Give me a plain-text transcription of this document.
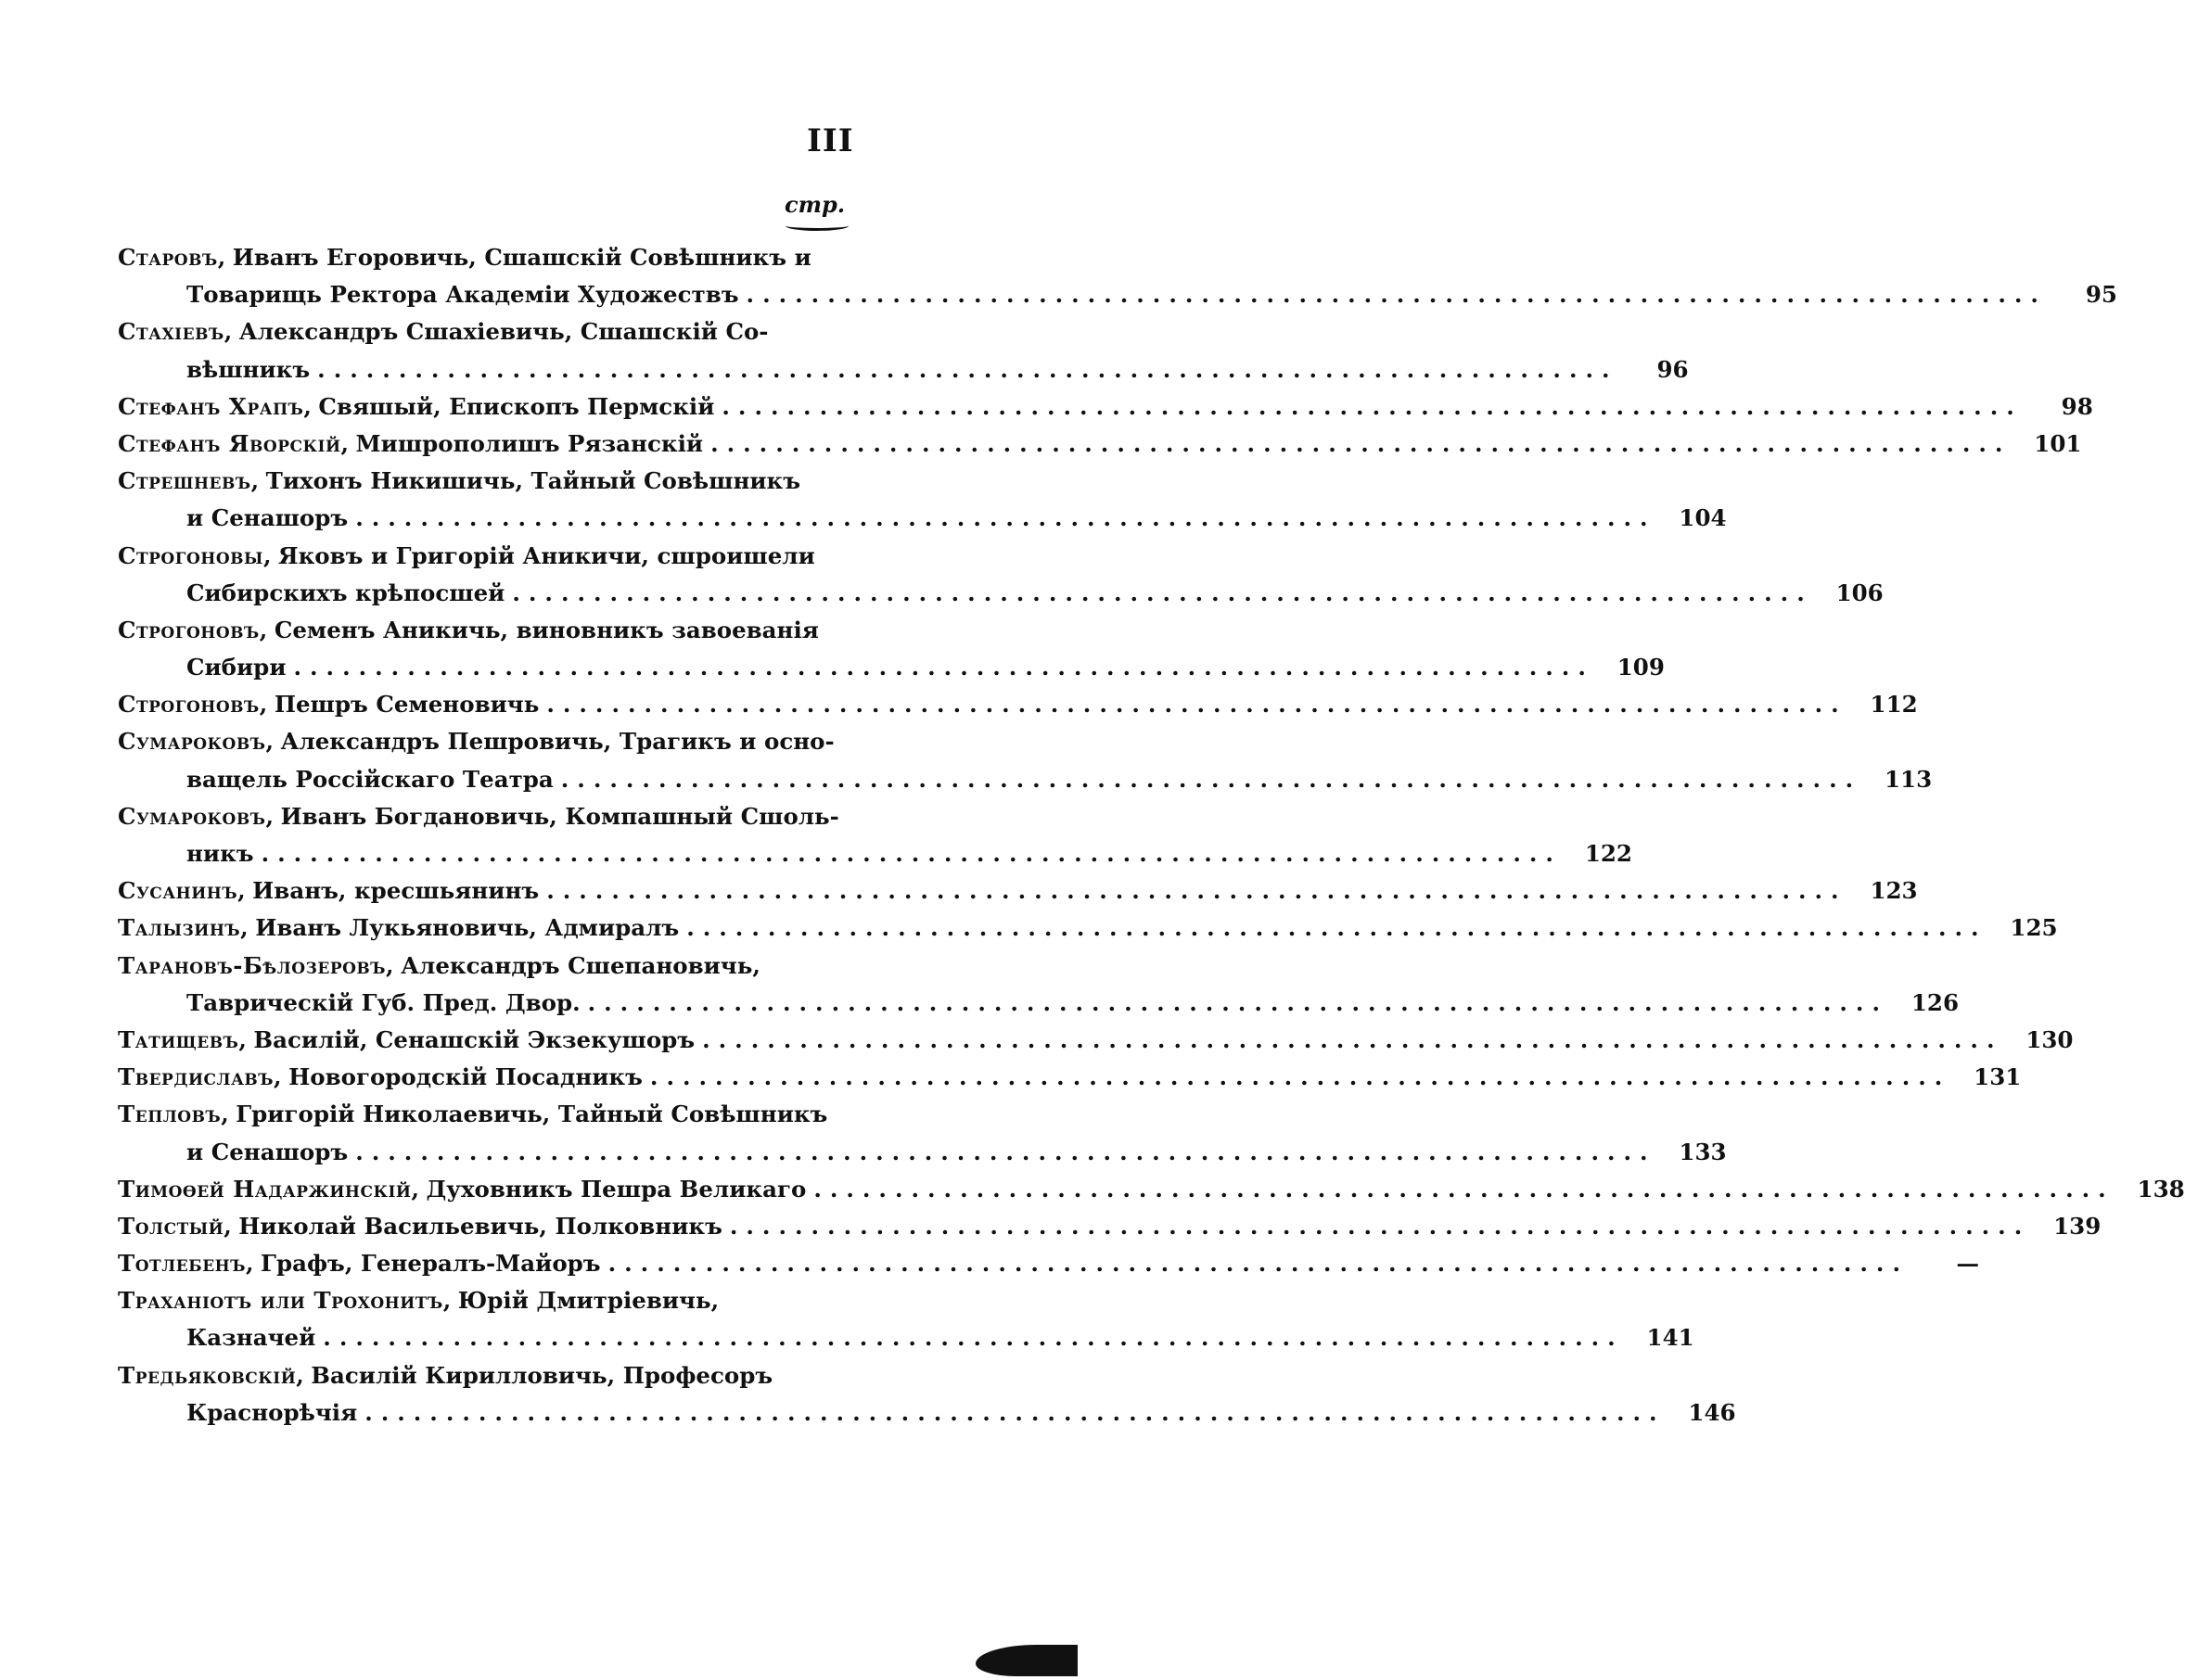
III
стр.
Старовъ, Иванъ Егоровичь, Сшашскій Совѣшникъ и
Товарищь Ректора Академіи Художествъ ................................................................................	95
Стахіевъ, Александръ Сшахіевичь, Сшашскій Со-
вѣшникъ ................................................................................	96
Стефанъ Храпъ, Свяшый, Епископъ Пермскій ................................................................................	98
Стефанъ Яворскій, Мишрополишъ Рязанскій ................................................................................	101
Стрешневъ, Тихонъ Никишичь, Тайный Совѣшникъ
и Сенашоръ ................................................................................	104
Строгоновы, Яковъ и Григорій Аникичи, сшроишели
Сибирскихъ крѣпосшей ................................................................................	106
Строгоновъ, Семенъ Аникичь, виновникъ завоеванія
Сибири ................................................................................	109
Строгоновъ, Пешръ Семеновичь ................................................................................	112
Сумароковъ, Александръ Пешровичь, Трагикъ и осно-
ващель Россійскаго Театра ................................................................................	113
Сумароковъ, Иванъ Богдановичь, Компашный Сшоль-
никъ ................................................................................	122
Сусанинъ, Иванъ, кресшьянинъ ................................................................................	123
Талызинъ, Иванъ Лукьяновичь, Адмиралъ ................................................................................	125
Тарановъ-Бѣлозеровъ, Александръ Сшепановичь,
Таврическій Губ. Пред. Двор. ................................................................................	126
Татищевъ, Василій, Сенашскій Экзекушоръ ................................................................................	130
Твердиславъ, Новогородскій Посадникъ ................................................................................	131
Тепловъ, Григорій Николаевичь, Тайный Совѣшникъ
и Сенашоръ ................................................................................	133
Тимоѳей Надаржинскій, Духовникъ Пешра Великаго ................................................................................	138
Толстый, Николай Васильевичь, Полковникъ ................................................................................	139
Тотлебенъ, Графъ, Генералъ-Майоръ ................................................................................	—
Траханіотъ или Трохонитъ, Юрій Дмитріевичь,
Казначей ................................................................................	141
Тредьяковскій, Василій Кирилловичь, Професоръ
Краснорѣчія ................................................................................	146
